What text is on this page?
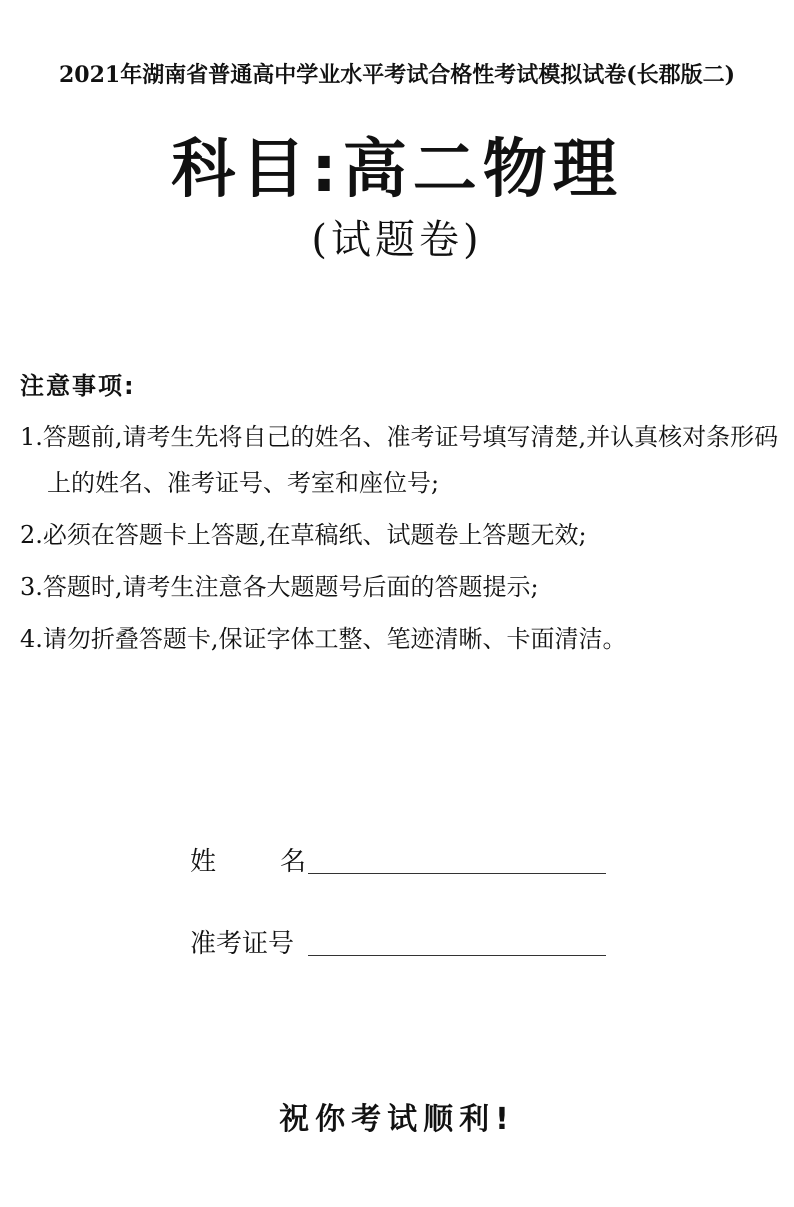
2021年湖南省普通高中学业水平考试合格性考试模拟试卷(长郡版二)
科目:高二物理
(试题卷)
注意事项:
1.答题前,请考生先将自己的姓名、准考证号填写清楚,并认真核对条形码上的姓名、准考证号、考室和座位号;
2.必须在答题卡上答题,在草稿纸、试题卷上答题无效;
3.答题时,请考生注意各大题题号后面的答题提示;
4.请勿折叠答题卡,保证字体工整、笔迹清晰、卡面清洁。
姓 名
准考证号
祝你考试顺利!
